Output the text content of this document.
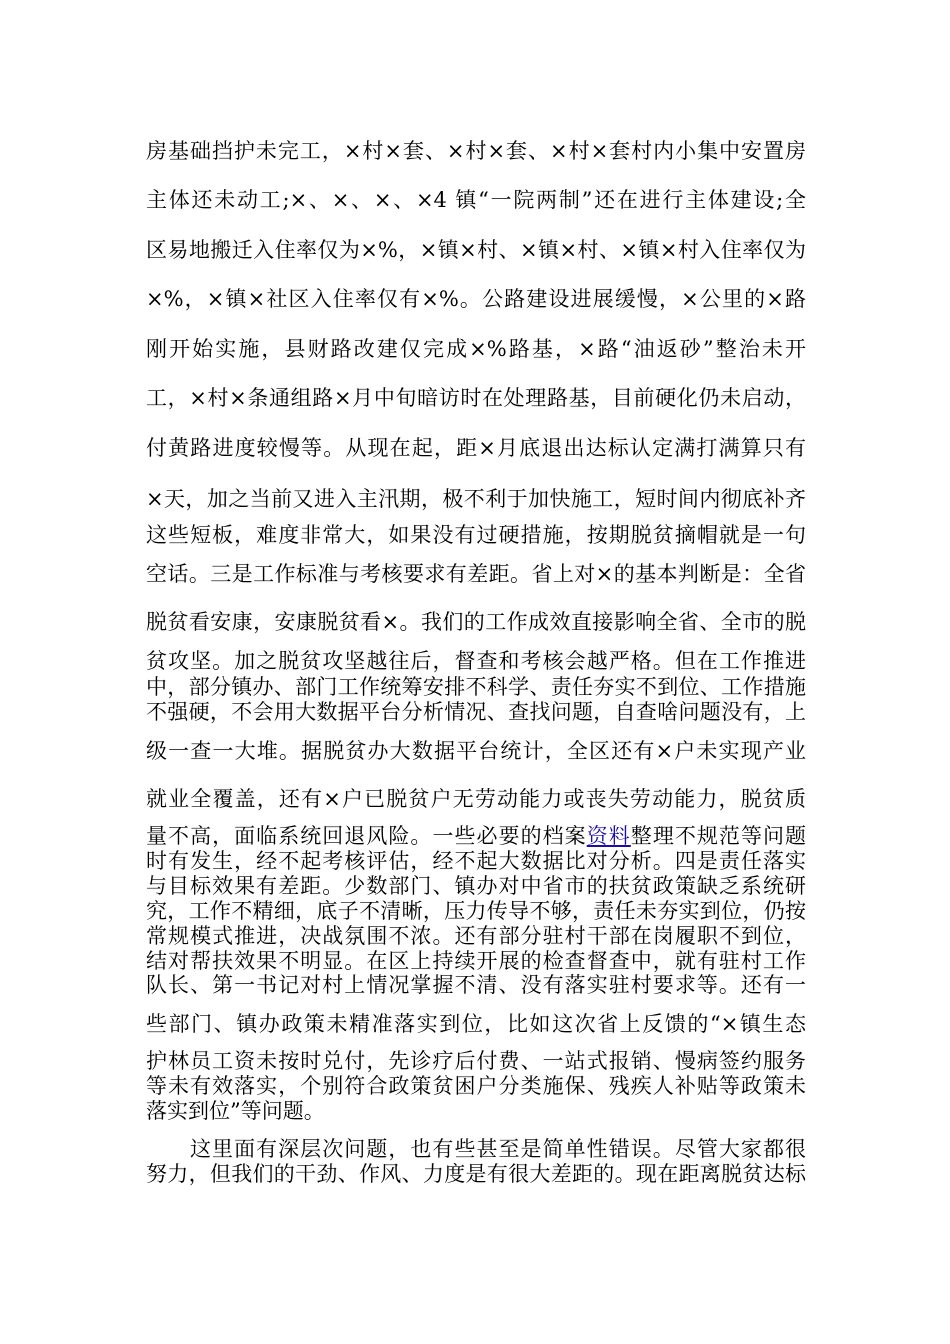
房基础挡护未完工，×村×套、×村×套、×村×套村内小集中安置房
主体还未动工;×、×、×、×4 镇“一院两制”还在进行主体建设;全
区易地搬迁入住率仅为×%，×镇×村、×镇×村、×镇×村入住率仅为
×%，×镇×社区入住率仅有×%。公路建设进展缓慢，×公里的×路
刚开始实施，县财路改建仅完成×%路基，×路“油返砂”整治未开
工，×村×条通组路×月中旬暗访时在处理路基，目前硬化仍未启动，
付黄路进度较慢等。从现在起，距×月底退出达标认定满打满算只有
×天，加之当前又进入主汛期，极不利于加快施工，短时间内彻底补齐
这些短板，难度非常大，如果没有过硬措施，按期脱贫摘帽就是一句
空话。三是工作标准与考核要求有差距。省上对×的基本判断是：全省
脱贫看安康，安康脱贫看×。我们的工作成效直接影响全省、全市的脱
贫攻坚。加之脱贫攻坚越往后，督查和考核会越严格。但在工作推进
中，部分镇办、部门工作统筹安排不科学、责任夯实不到位、工作措施
不强硬，不会用大数据平台分析情况、查找问题，自查啥问题没有，上
级一查一大堆。据脱贫办大数据平台统计，全区还有×户未实现产业
就业全覆盖，还有×户已脱贫户无劳动能力或丧失劳动能力，脱贫质
量不高，面临系统回退风险。一些必要的档案资料整理不规范等问题
时有发生，经不起考核评估，经不起大数据比对分析。四是责任落实
与目标效果有差距。少数部门、镇办对中省市的扶贫政策缺乏系统研
究，工作不精细，底子不清晰，压力传导不够，责任未夯实到位，仍按
常规模式推进，决战氛围不浓。还有部分驻村干部在岗履职不到位，
结对帮扶效果不明显。在区上持续开展的检查督查中，就有驻村工作
队长、第一书记对村上情况掌握不清、没有落实驻村要求等。还有一
些部门、镇办政策未精准落实到位，比如这次省上反馈的“×镇生态
护林员工资未按时兑付，先诊疗后付费、一站式报销、慢病签约服务
等未有效落实，个别符合政策贫困户分类施保、残疾人补贴等政策未
落实到位”等问题。
这里面有深层次问题，也有些甚至是简单性错误。尽管大家都很
努力，但我们的干劲、作风、力度是有很大差距的。现在距离脱贫达标
